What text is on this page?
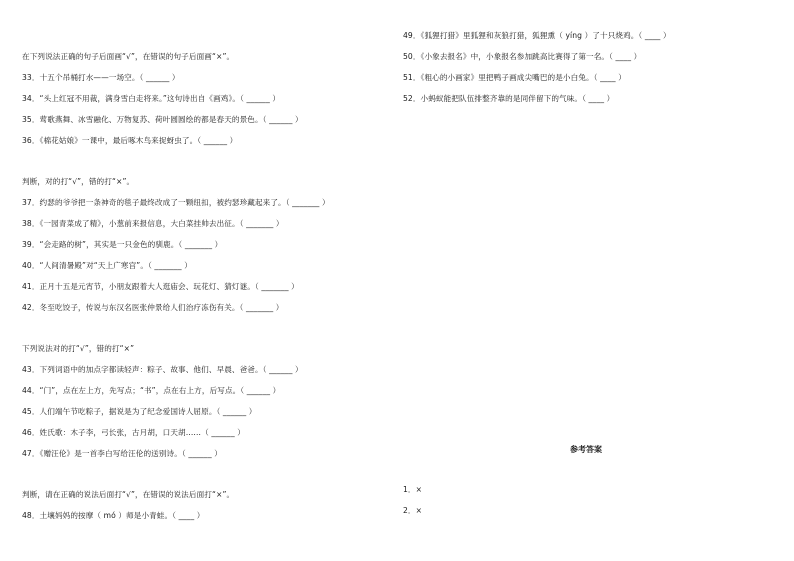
在下列说法正确的句子后面画“√”，在错误的句子后面画“×”。
33．十五个吊桶打水——一场空。（ ______ ）
34．“头上红冠不用裁，满身雪白走将来。”这句诗出自《画鸡》。（ ______ ）
35．莺歌燕舞、冰雪融化、万物复苏、荷叶圆圆绘的都是春天的景色。（ ______ ）
36．《棉花姑娘》一课中，最后啄木鸟来捉蚜虫了。（ ______ ）
判断，对的打“√”，错的打“×”。
37．约瑟的爷爷把一条神奇的毯子最终改成了一颗纽扣，被约瑟珍藏起来了。（ _______ ）
38．《一园青菜成了精》，小葱前来报信息，大白菜挂帅去出征。（ _______ ）
39．“会走路的树”，其实是一只金色的驯鹿。（ _______ ）
40．“人间清暑殿”对“天上广寒宫”。（ _______ ）
41．正月十五是元宵节，小朋友跟着大人逛庙会、玩花灯、猜灯谜。（ _______ ）
42．冬至吃饺子，传说与东汉名医张仲景给人们治疗冻伤有关。（ _______ ）
下列说法对的打“√”，错的打“×”
43．下列词语中的加点字都读轻声：粽子、故事、他们、早晨、爸爸。（ ______ ）
44．“门”，点在左上方，先写点；“书”，点在右上方，后写点。（ ______ ）
45．人们端午节吃粽子，据说是为了纪念爱国诗人屈原。（ ______ ）
46．姓氏歌：木子李，弓长张，古月胡，口天胡……（ ______ ）
47．《赠汪伦》是一首李白写给汪伦的送别诗。（ ______ ）
判断，请在正确的说法后面打“√”，在错误的说法后面打“×”。
48．土壤妈妈的按摩（ mó ）师是小青蛙。（ ____ ）
49．《狐狸打猎》里狐狸和灰狼打猎，狐狸熏（ yíng ）了十只烧鸡。（ ____ ）
50．《小象去报名》中，小象报名参加跳高比赛得了第一名。（ ____ ）
51．《粗心的小画家》里把鸭子画成尖嘴巴的是小白兔。（ ____ ）
52．小蚂蚁能把队伍排整齐靠的是同伴留下的气味。（ ____ ）
1．×
2．×
参考答案
